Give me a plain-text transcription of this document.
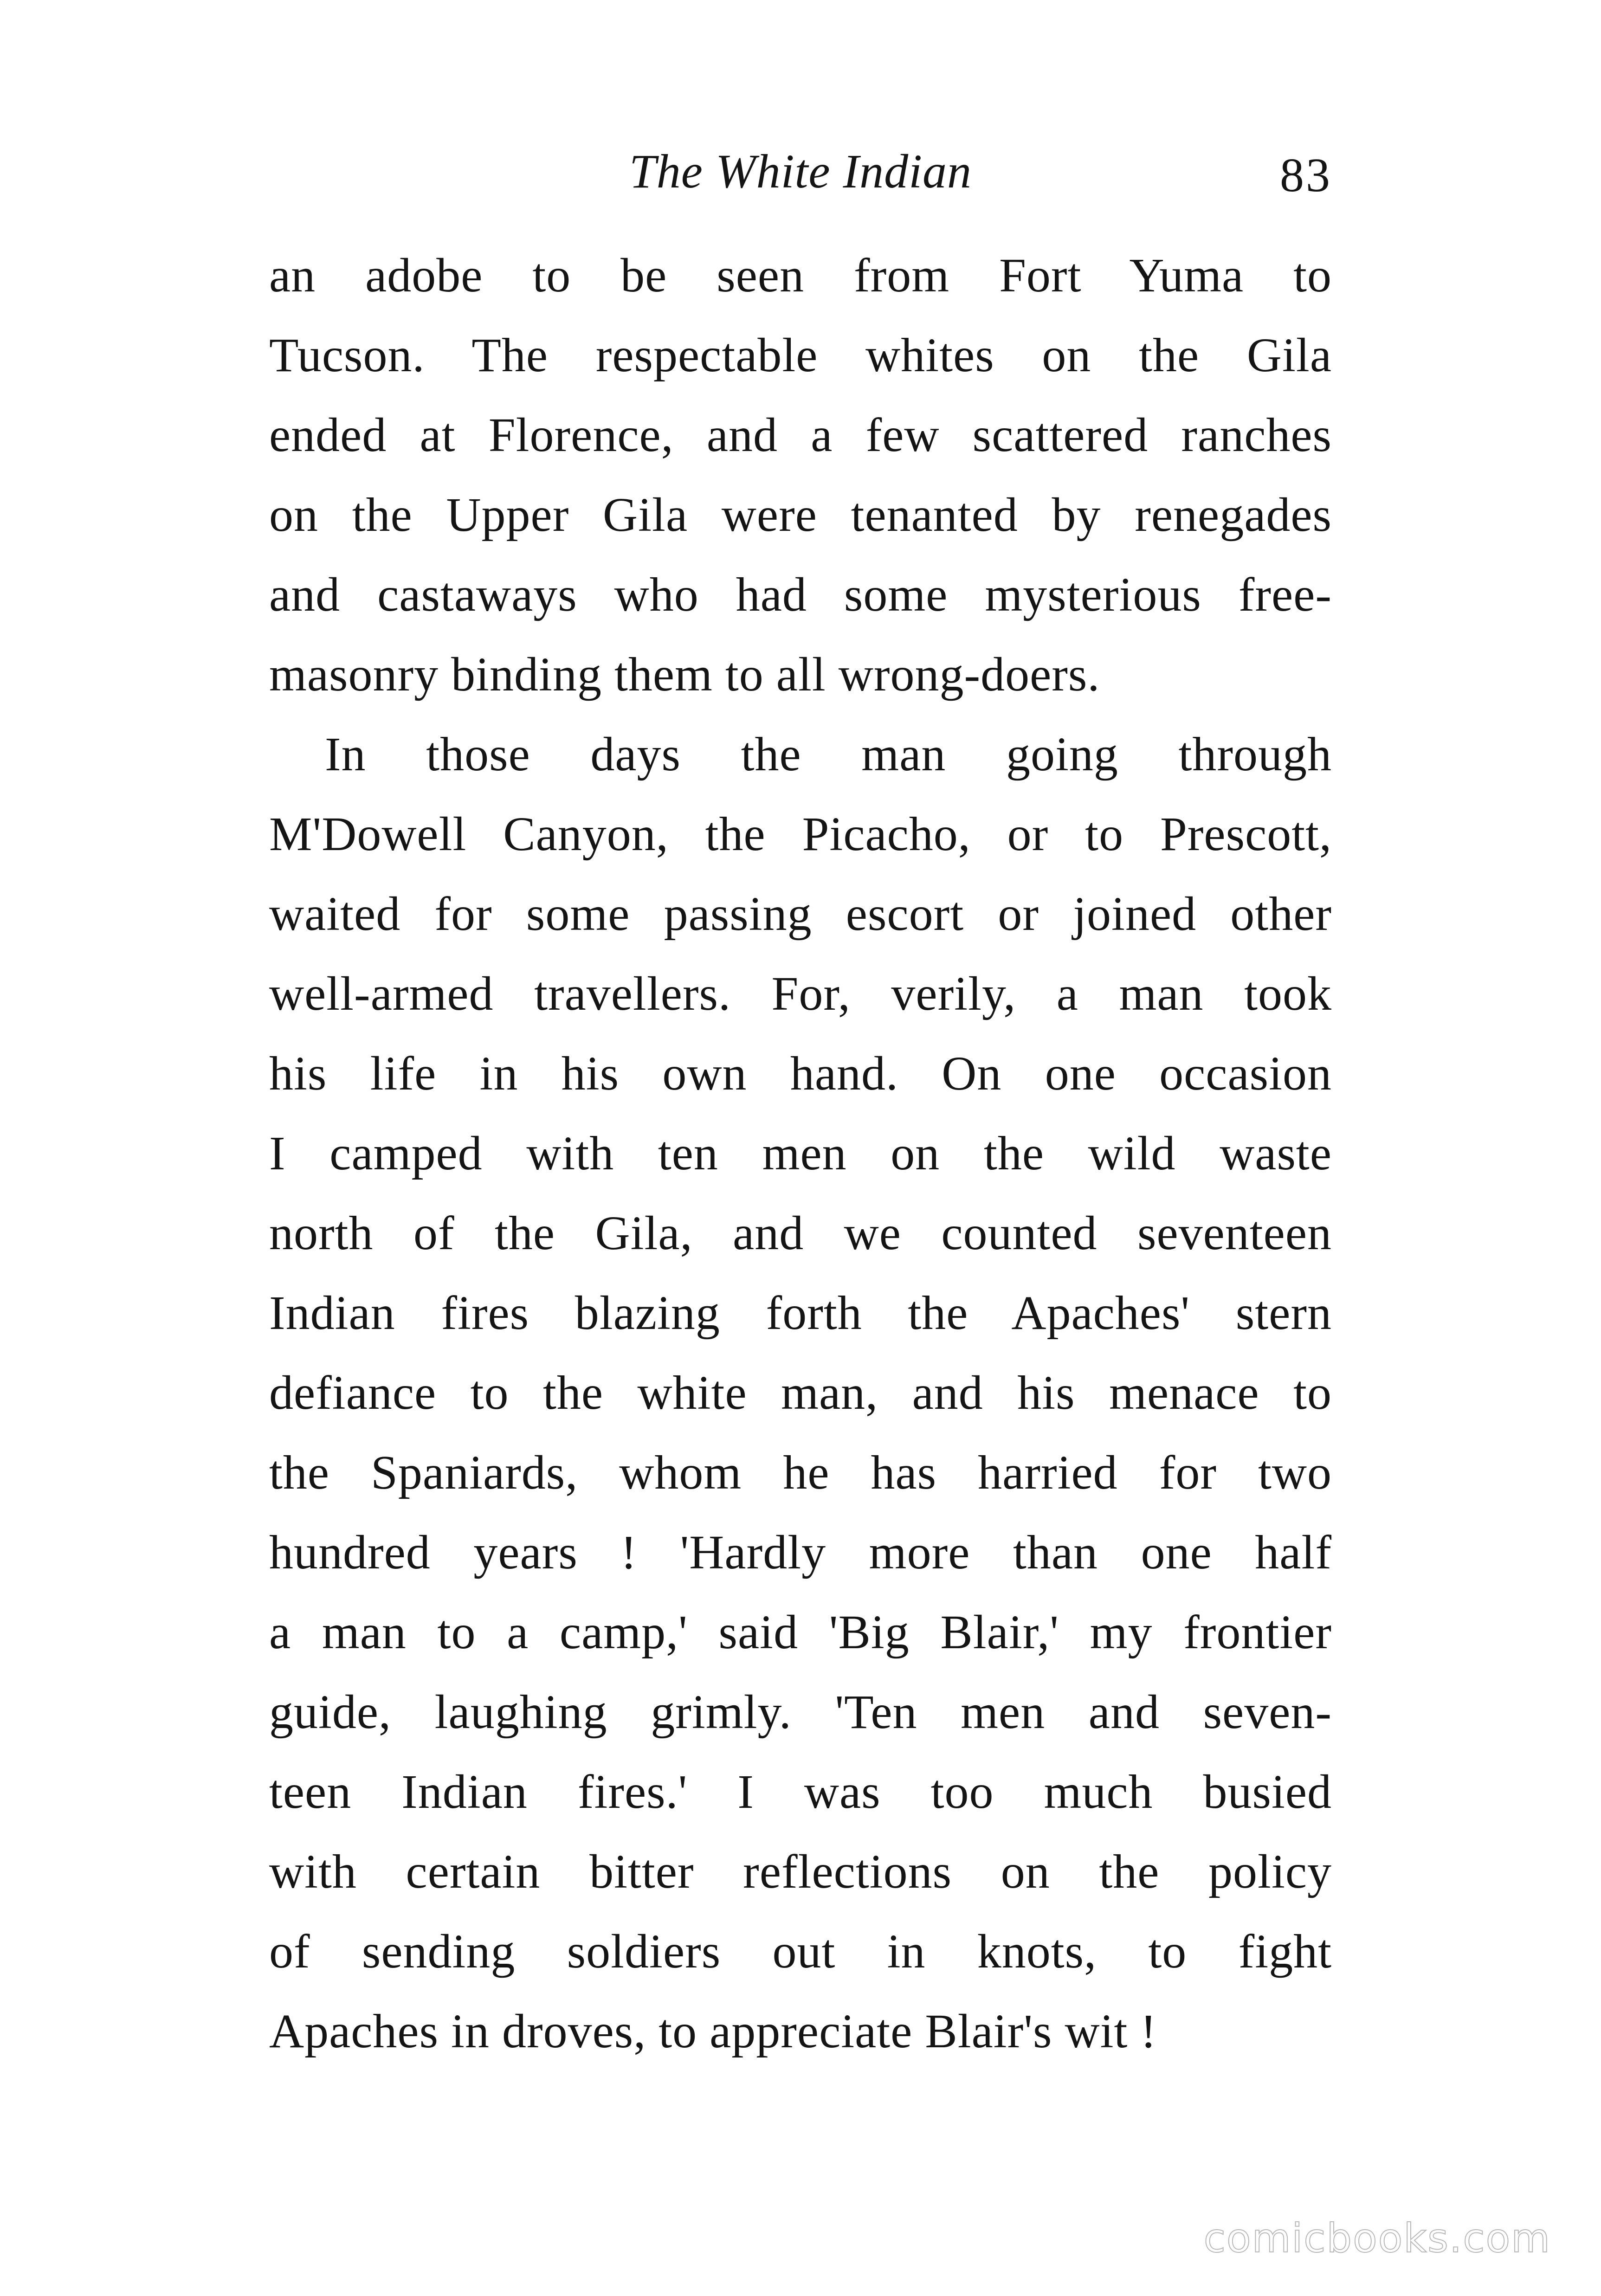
The White Indian	83
an adobe to be seen from Fort Yuma to
Tucson. The respectable whites on the Gila
ended at Florence, and a few scattered ranches
on the Upper Gila were tenanted by renegades
and castaways who had some mysterious free-
masonry binding them to all wrong-doers.
In those days the man going through
M'Dowell Canyon, the Picacho, or to Prescott,
waited for some passing escort or joined other
well-armed travellers. For, verily, a man took
his life in his own hand. On one occasion
I camped with ten men on the wild waste
north of the Gila, and we counted seventeen
Indian fires blazing forth the Apaches' stern
defiance to the white man, and his menace to
the Spaniards, whom he has harried for two
hundred years ! 'Hardly more than one half
a man to a camp,' said 'Big Blair,' my frontier
guide, laughing grimly. 'Ten men and seven-
teen Indian fires.' I was too much busied
with certain bitter reflections on the policy
of sending soldiers out in knots, to fight
Apaches in droves, to appreciate Blair's wit !
comicbooks.com
